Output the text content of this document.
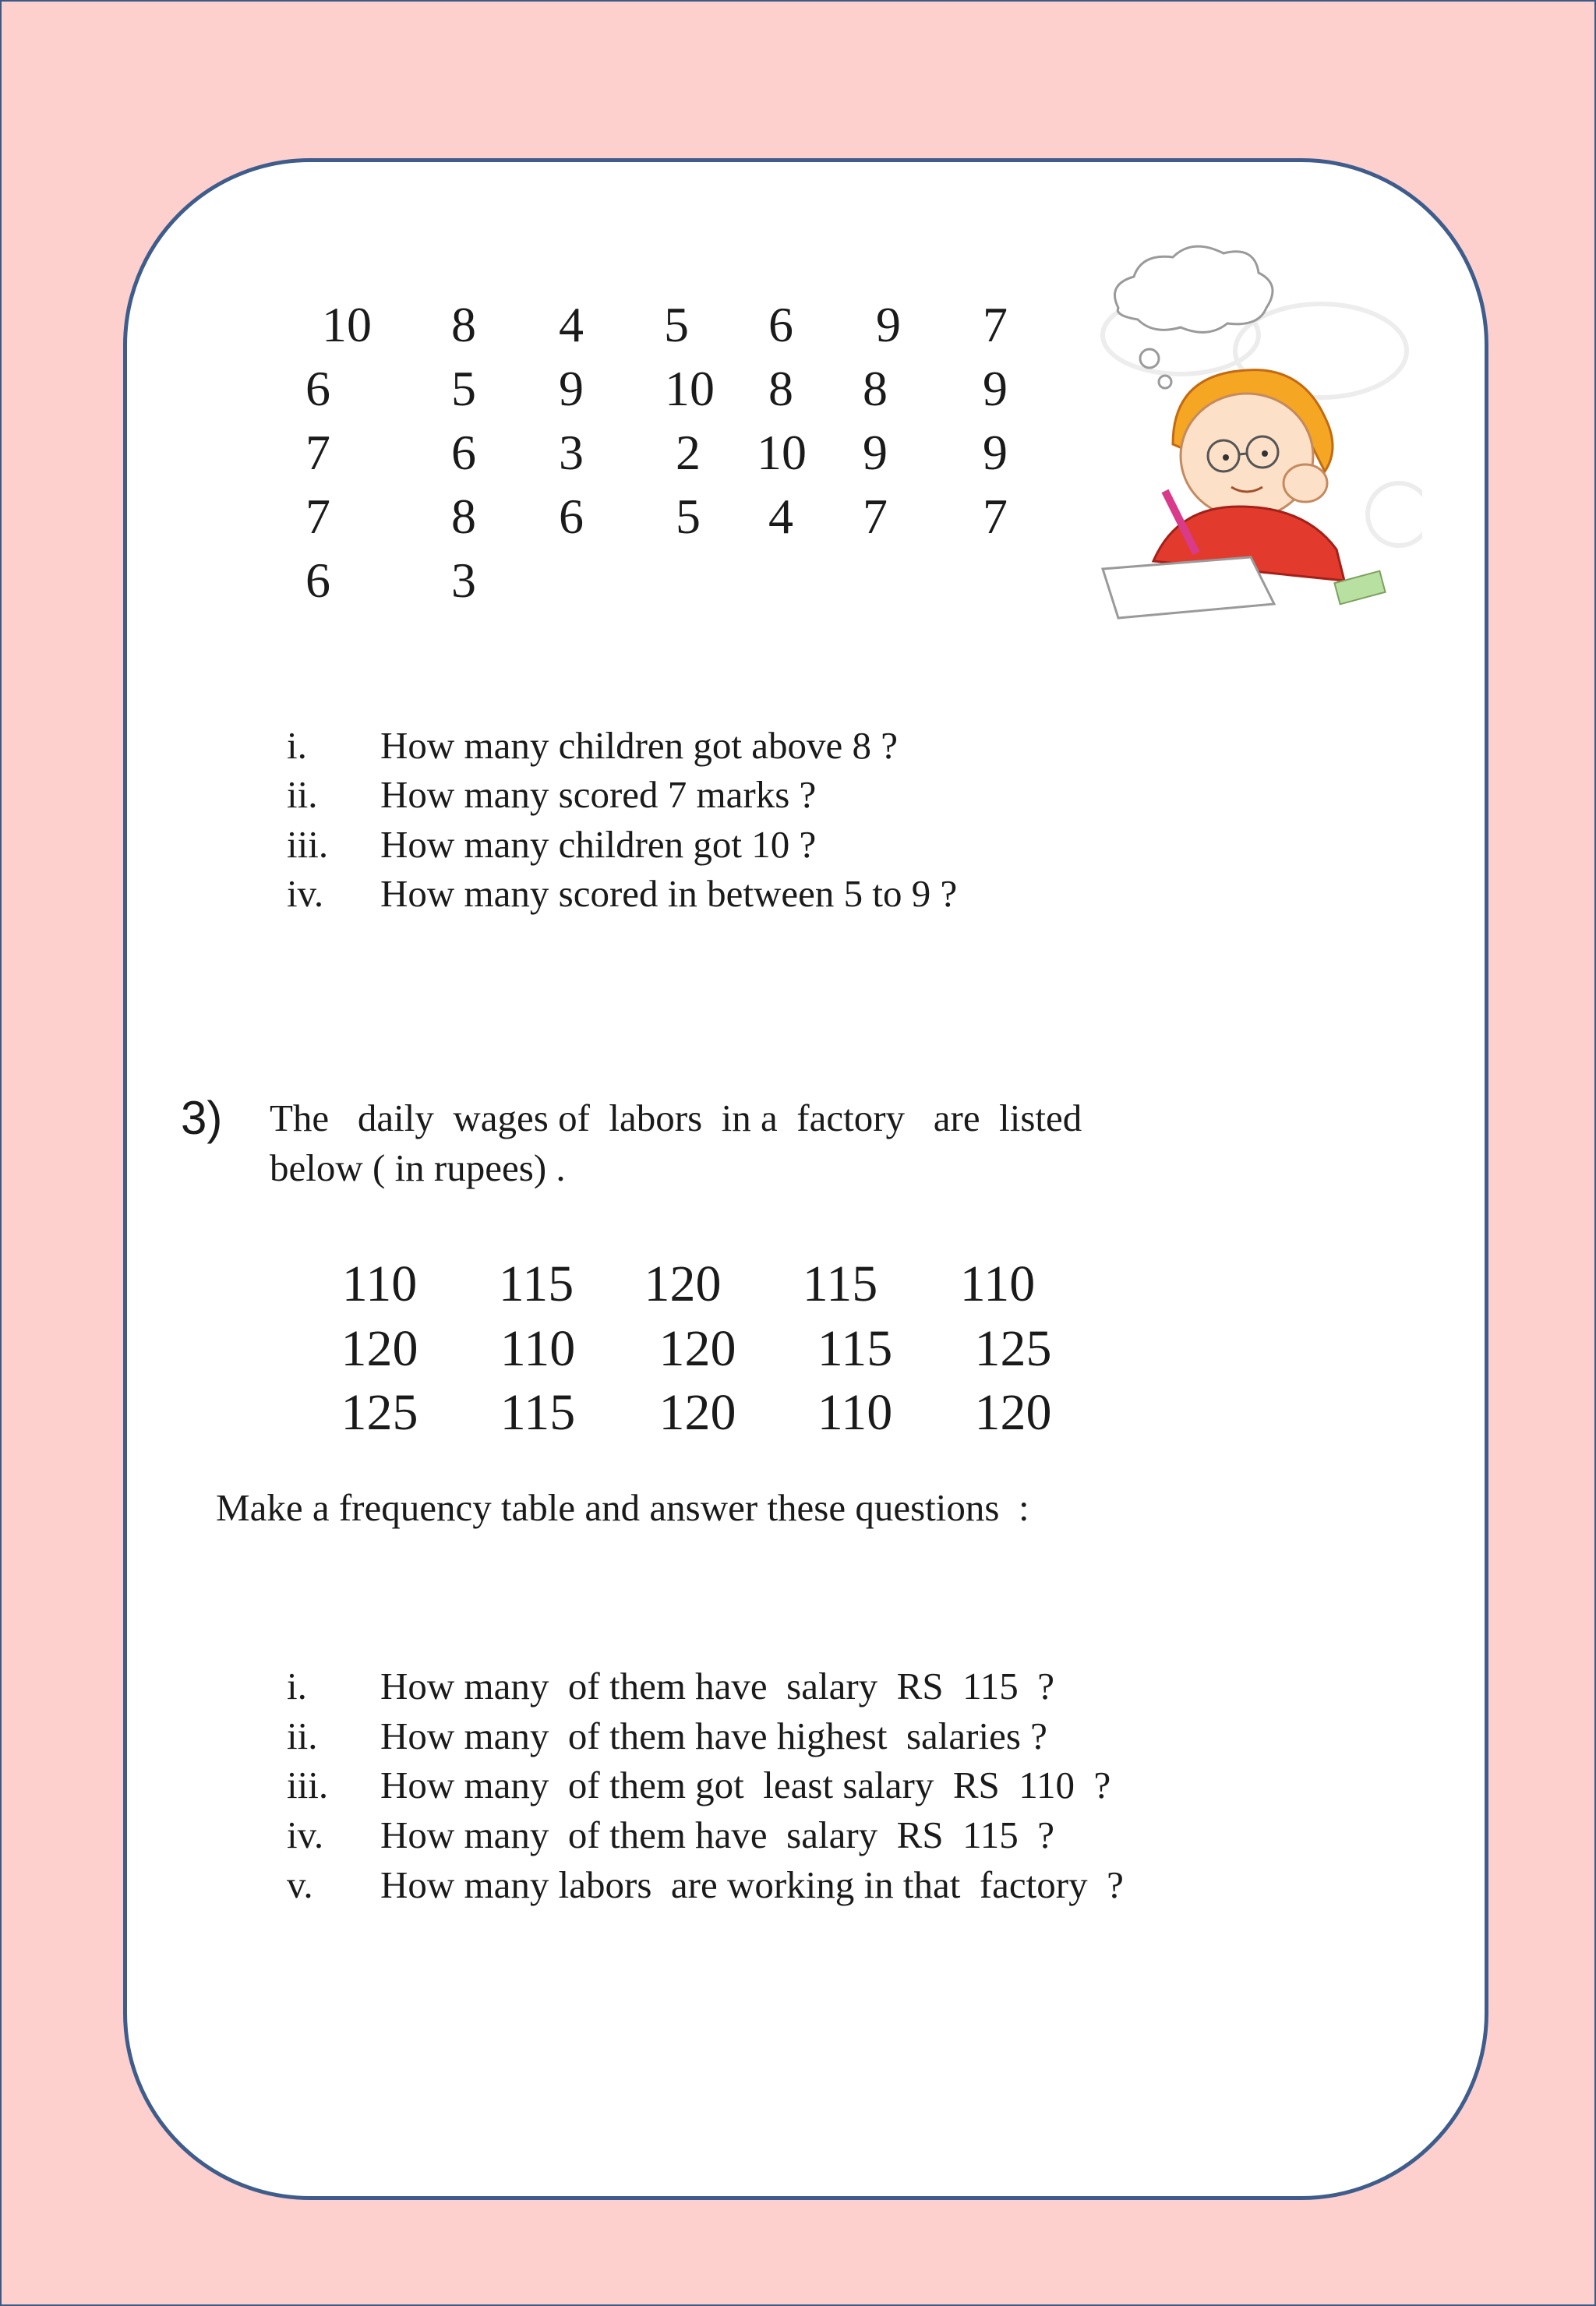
10	8	4	5	6	9	7
6	5	9	10	8	8	9
7	6	3	2	10	9	9
7	8	6	5	4	7	7
6	3
i. How many children got above 8 ?
ii. How many scored 7 marks ?
iii. How many children got 10 ?
iv. How many scored in between 5 to 9 ?
3) The   daily  wages of  labors  in a  factory   are  listed
below ( in rupees) .
110	115	120	115	110
120	110	120	115	125
125	115	120	110	120
Make a frequency table and answer these questions  :
i. How many  of them have  salary  RS  115  ?
ii. How many  of them have highest  salaries ?
iii. How many  of them got  least salary  RS  110  ?
iv. How many  of them have  salary  RS  115  ?
v. How many labors  are working in that  factory  ?
